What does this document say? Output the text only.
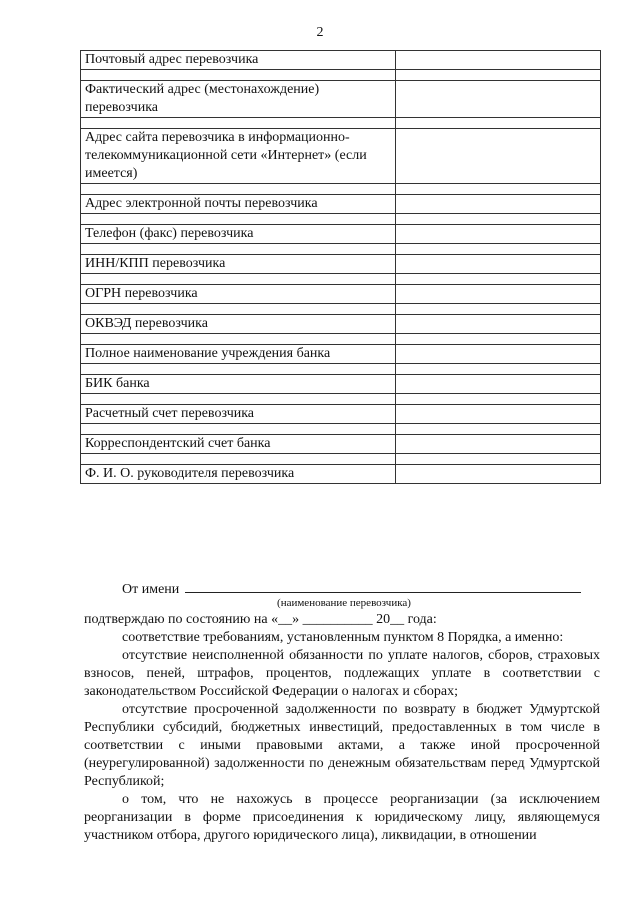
2
Почтовый адрес перевозчика	

Фактический адрес (местонахождение) перевозчика	

Адрес сайта перевозчика в информационно-телекоммуникационной сети «Интернет» (если имеется)	

Адрес электронной почты перевозчика	

Телефон (факс) перевозчика	

ИНН/КПП перевозчика	

ОГРН перевозчика	

ОКВЭД перевозчика	

Полное наименование учреждения банка	

БИК банка	

Расчетный счет перевозчика	

Корреспондентский счет банка	

Ф. И. О. руководителя перевозчика	
От имени
(наименование перевозчика)

подтверждаю по состоянию на «__» __________ 20__ года:

соответствие требованиям, установленным пунктом 8 Порядка, а именно:

отсутствие неисполненной обязанности по уплате налогов, сборов, страховых взносов, пеней, штрафов, процентов, подлежащих уплате в соответствии с законодательством Российской Федерации о налогах и сборах;

отсутствие просроченной задолженности по возврату в бюджет Удмуртской Республики субсидий, бюджетных инвестиций, предоставленных в том числе в соответствии с иными правовыми актами, а также иной просроченной (неурегулированной) задолженности по денежным обязательствам перед Удмуртской Республикой;

о том, что не нахожусь в процессе реорганизации (за исключением реорганизации в форме присоединения к юридическому лицу, являющемуся участником отбора, другого юридического лица), ликвидации, в отношении
